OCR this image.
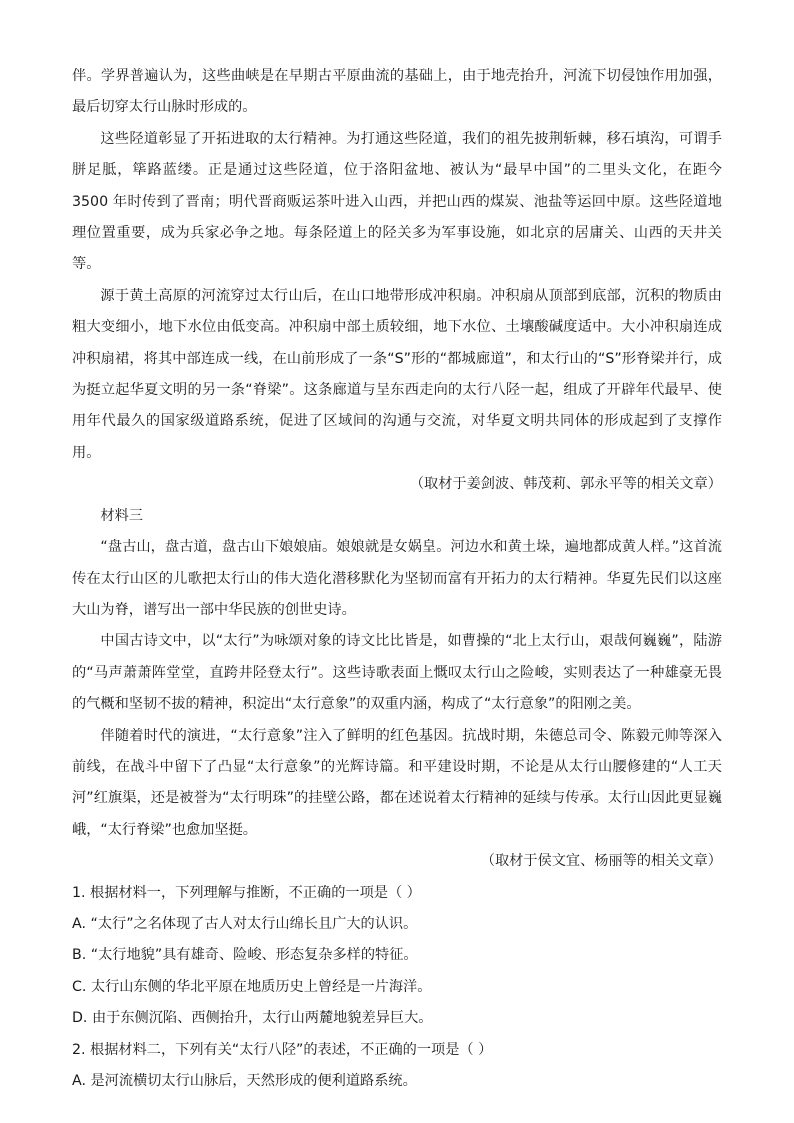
伴。学界普遍认为，这些曲峡是在早期古平原曲流的基础上，由于地壳抬升，河流下切侵蚀作用加强，最后切穿太行山脉时形成的。

这些陉道彰显了开拓进取的太行精神。为打通这些陉道，我们的祖先披荆斩棘，移石填沟，可谓手胼足胝，筚路蓝缕。正是通过这些陉道，位于洛阳盆地、被认为“最早中国”的二里头文化，在距今 3500 年时传到了晋南；明代晋商贩运茶叶进入山西，并把山西的煤炭、池盐等运回中原。这些陉道地理位置重要，成为兵家必争之地。每条陉道上的陉关多为军事设施，如北京的居庸关、山西的天井关等。

源于黄土高原的河流穿过太行山后，在山口地带形成冲积扇。冲积扇从顶部到底部，沉积的物质由粗大变细小，地下水位由低变高。冲积扇中部土质较细，地下水位、土壤酸碱度适中。大小冲积扇连成冲积扇裙，将其中部连成一线，在山前形成了一条“S”形的“都城廊道”，和太行山的“S”形脊梁并行，成为挺立起华夏文明的另一条“脊梁”。这条廊道与呈东西走向的太行八陉一起，组成了开辟年代最早、使用年代最久的国家级道路系统，促进了区域间的沟通与交流，对华夏文明共同体的形成起到了支撑作用。

（取材于姜剑波、韩茂莉、郭永平等的相关文章）

材料三

“盘古山，盘古道，盘古山下娘娘庙。娘娘就是女娲皇。河边水和黄土垛，遍地都成黄人样。”这首流传在太行山区的儿歌把太行山的伟大造化潜移默化为坚韧而富有开拓力的太行精神。华夏先民们以这座大山为脊，谱写出一部中华民族的创世史诗。

中国古诗文中，以“太行”为咏颂对象的诗文比比皆是，如曹操的“北上太行山，艰哉何巍巍”，陆游的“马声萧萧阵堂堂，直跨井陉登太行”。这些诗歌表面上慨叹太行山之险峻，实则表达了一种雄豪无畏的气概和坚韧不拔的精神，积淀出“太行意象”的双重内涵，构成了“太行意象”的阳刚之美。

伴随着时代的演进，“太行意象”注入了鲜明的红色基因。抗战时期，朱德总司令、陈毅元帅等深入前线，在战斗中留下了凸显“太行意象”的光辉诗篇。和平建设时期，不论是从太行山腰修建的“人工天河”红旗渠，还是被誉为“太行明珠”的挂壁公路，都在述说着太行精神的延续与传承。太行山因此更显巍峨，“太行脊梁”也愈加坚挺。

（取材于侯文宜、杨丽等的相关文章）

1. 根据材料一，下列理解与推断，不正确的一项是（ ）

A. “太行”之名体现了古人对太行山绵长且广大的认识。

B. “太行地貌”具有雄奇、险峻、形态复杂多样的特征。

C. 太行山东侧的华北平原在地质历史上曾经是一片海洋。

D. 由于东侧沉陷、西侧抬升，太行山两麓地貌差异巨大。

2. 根据材料二，下列有关“太行八陉”的表述，不正确的一项是（ ）

A. 是河流横切太行山脉后，天然形成的便利道路系统。
